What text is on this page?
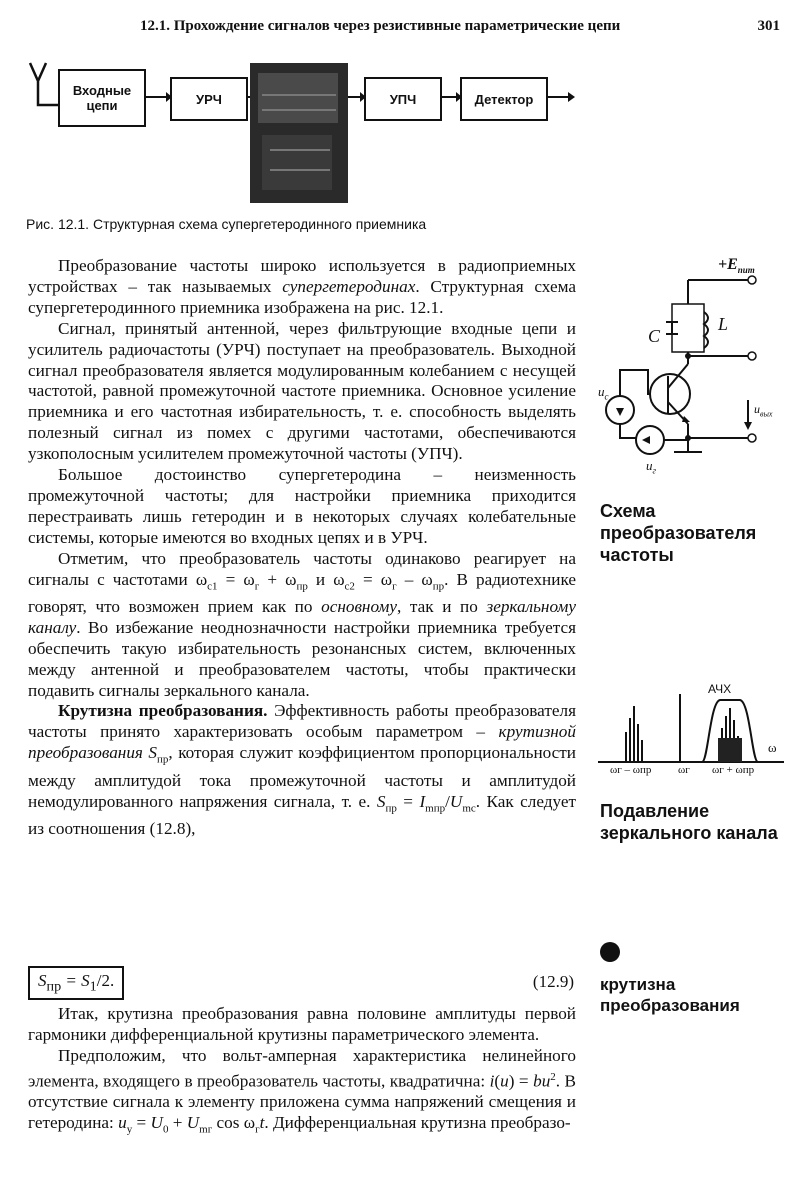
12.1. Прохождение сигналов через резистивные параметрические цепи	301
Входные цепи	УРЧ	УПЧ	Детектор
Рис. 12.1. Структурная схема супергетеродинного приемника

Преобразование частоты широко используется в радиоприемных устройствах – так называемых супергетеродинах. Структурная схема супергетеродинного приемника изображена на рис. 12.1.

Сигнал, принятый антенной, через фильтрующие входные цепи и усилитель радиочастоты (УРЧ) поступает на преобразователь. Выходной сигнал преобразователя является модулированным колебанием с несущей частотой, равной промежуточной частоте приемника. Основное усиление приемника и его частотная избирательность, т. е. способность выделять полезный сигнал из помех с другими частотами, обеспечиваются узкополосным усилителем промежуточной частоты (УПЧ).

Большое достоинство супергетеродина – неизменность промежуточной частоты; для настройки приемника приходится перестраивать лишь гетеродин и в некоторых случаях колебательные системы, которые имеются во входных цепях и в УРЧ.

Отметим, что преобразователь частоты одинаково реагирует на сигналы с частотами $\omega_{с1} = \omega_г + \omega_{пр}$ и $\omega_{с2} = \omega_г - \omega_{пр}$. В радиотехнике говорят, что возможен прием как по основному, так и по зеркальному каналу. Во избежание неоднозначности настройки приемника требуется обеспечить такую избирательность резонансных систем, включенных между антенной и преобразователем частоты, чтобы практически подавить сигналы зеркального канала.

Крутизна преобразования. Эффективность работы преобразователя частоты принято характеризовать особым параметром – крутизной преобразования $S_{пр}$, которая служит коэффициентом пропорциональности между амплитудой тока промежуточной частоты и амплитудой немодулированного напряжения сигнала, т. е. $S_{пр} = I_{mпр}/U_{mc}$. Как следует из соотношения (12.8),

$S_{пр} = S_1/2$.	(12.9)

Итак, крутизна преобразования равна половине амплитуды первой гармоники дифференциальной крутизны параметрического элемента.

Предположим, что вольт-амперная характеристика нелинейного элемента, входящего в преобразователь частоты, квадратична: $i(u) = bu^2$. В отсутствие сигнала к элементу приложена сумма напряжений смещения и гетеродина: $u_у = U_0 + U_{mг}$ $\cos \omega_гt$. Дифференциальная крутизна преобразо-

$+E_{пит}$
C
L
$u_c$
$u_г$
$u_{вых}$
Схема преобразователя частоты
АЧХ
ω
ωг – ωпр ωг ωг + ωпр
Подавление зеркального канала
крутизна преобразования
